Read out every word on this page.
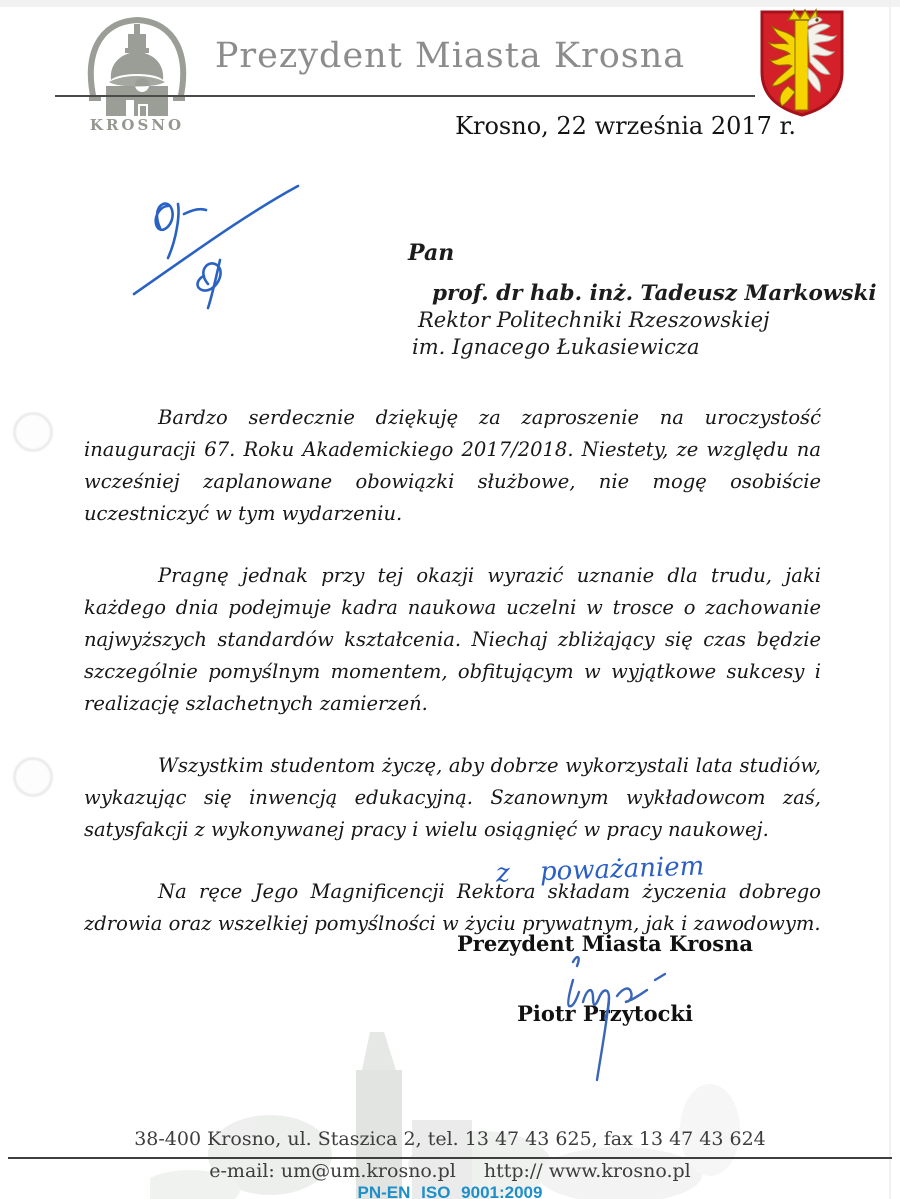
KROSNO
Prezydent Miasta Krosna
Krosno, 22 września 2017 r.
Pan
prof. dr hab. inż. Tadeusz Markowski
Rektor Politechniki Rzeszowskiej
im. Ignacego Łukasiewicza

Bardzo serdecznie dziękuję za zaproszenie na uroczystość inauguracji 67. Roku Akademickiego 2017/2018. Niestety, ze względu na wcześniej zaplanowane obowiązki służbowe, nie mogę osobiście uczestniczyć w tym wydarzeniu.

Pragnę jednak przy tej okazji wyrazić uznanie dla trudu, jaki każdego dnia podejmuje kadra naukowa uczelni w trosce o zachowanie najwyższych standardów kształcenia. Niechaj zbliżający się czas będzie szczególnie pomyślnym momentem, obfitującym w wyjątkowe sukcesy i realizację szlachetnych zamierzeń.

Wszystkim studentom życzę, aby dobrze wykorzystali lata studiów, wykazując się inwencją edukacyjną. Szanownym wykładowcom zaś, satysfakcji z wykonywanej pracy i wielu osiągnięć w pracy naukowej.

Na ręce Jego Magnificencji Rektora składam życzenia dobrego zdrowia oraz wszelkiej pomyślności w życiu prywatnym, jak i zawodowym.

z poważaniem
Prezydent Miasta Krosna
Piotr Przytocki
38-400 Krosno, ul. Staszica 2, tel. 13 47 43 625, fax 13 47 43 624
e-mail: um@um.krosno.pl http:// www.krosno.pl
PN-EN ISO 9001:2009
